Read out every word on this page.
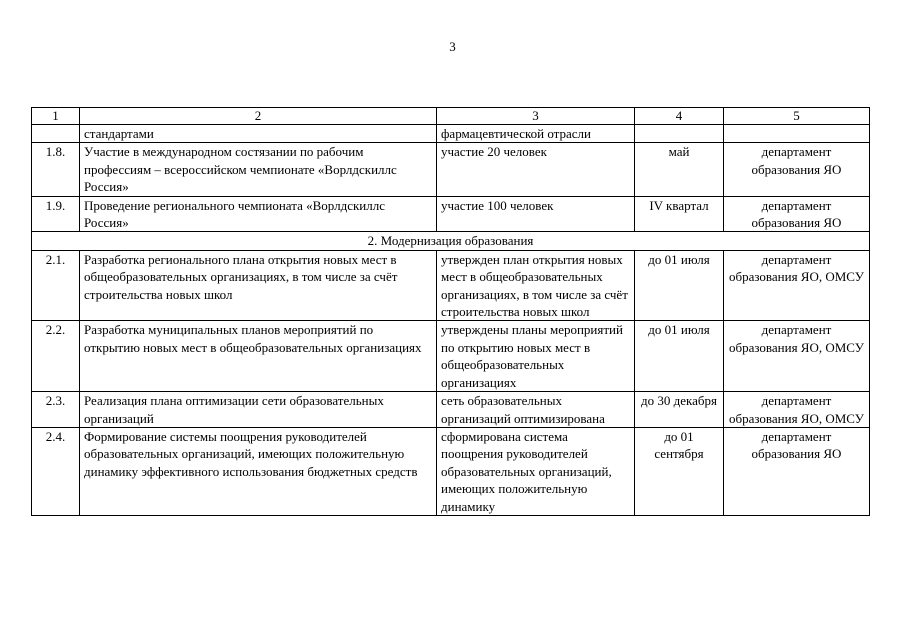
3
1	2	3	4	5
	стандартами	фармацевтической отрасли		
1.8.	Участие в международном состязании по рабочим профессиям – всероссийском чемпионате «Ворлдскиллс Россия»	участие 20 человек	май	департамент образования ЯО
1.9.	Проведение регионального чемпионата «Ворлдскиллс Россия»	участие 100 человек	IV квартал	департамент образования ЯО
2. Модернизация образования				
2.1.	Разработка регионального плана открытия новых мест в общеобразовательных организациях, в том числе за счёт строительства новых школ	утвержден план открытия новых мест в общеобразовательных организациях, в том числе за счёт строительства новых школ	до 01 июля	департамент образования ЯО, ОМСУ
2.2.	Разработка муниципальных планов мероприятий по открытию новых мест в общеобразовательных организациях	утверждены планы мероприятий по открытию новых мест в общеобразовательных организациях	до 01 июля	департамент образования ЯО, ОМСУ
2.3.	Реализация плана оптимизации сети образовательных организаций	сеть образовательных организаций оптимизирована	до 30 декабря	департамент образования ЯО, ОМСУ
2.4.	Формирование системы поощрения руководителей образовательных организаций, имеющих положительную динамику эффективного использования бюджетных средств	сформирована система поощрения руководителей образовательных организаций, имеющих положительную динамику	до 01 сентября	департамент образования ЯО
